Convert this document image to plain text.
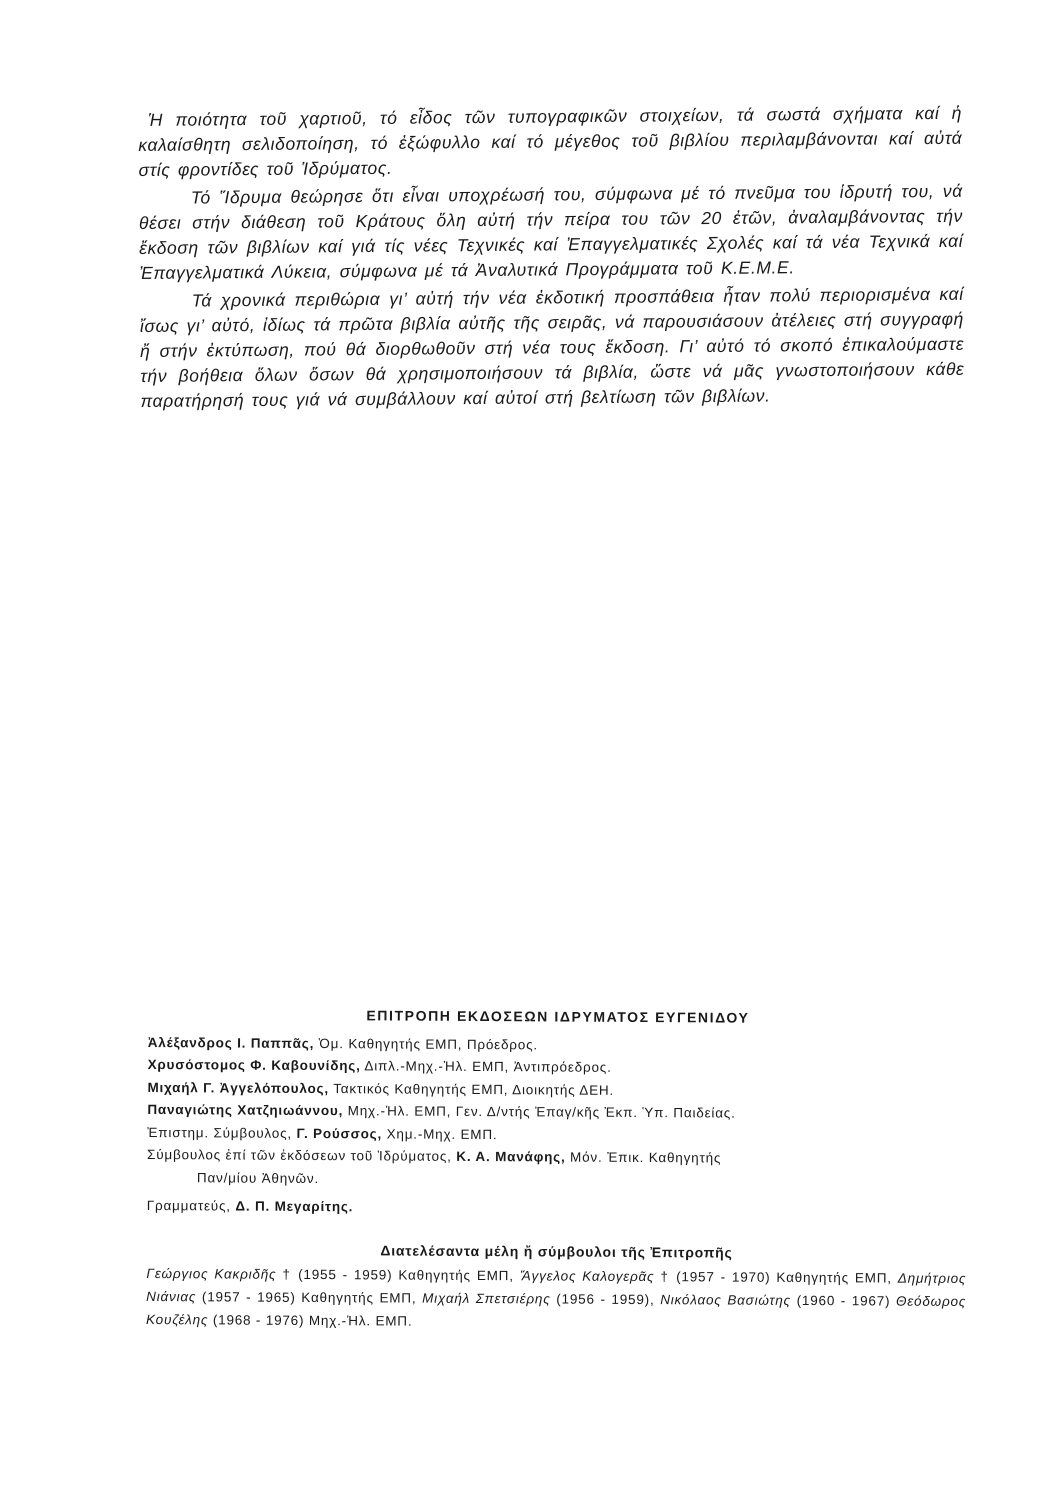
Ἡ ποιότητα τοῦ χαρτιοῦ, τό εἶδος τῶν τυπογραφικῶν στοιχείων, τά σωστά σχήματα καί ἡ καλαίσθητη σελιδοποίηση, τό ἐξώφυλλο καί τό μέγεθος τοῦ βιβλίου περιλαμβάνονται καί αὐτά στίς φροντίδες τοῦ Ἱδρύματος.

Τό Ἵδρυμα θεώρησε ὅτι εἶναι υποχρέωσή του, σύμφωνα μέ τό πνεῦμα του ἱδρυτή του, νά θέσει στήν διάθεση τοῦ Κράτους ὅλη αὐτή τήν πείρα του τῶν 20 ἐτῶν, ἀναλαμβάνοντας τήν ἔκδοση τῶν βιβλίων καί γιά τίς νέες Τεχνικές καί Ἐπαγγελματικές Σχολές καί τά νέα Τεχνικά καί Ἐπαγγελματικά Λύκεια, σύμφωνα μέ τά Ἀναλυτικά Προγράμματα τοῦ Κ.Ε.Μ.Ε.

Τά χρονικά περιθώρια γι’ αὐτή τήν νέα ἐκδοτική προσπάθεια ἦταν πολύ περιορισμένα καί ἴσως γι’ αὐτό, ἰδίως τά πρῶτα βιβλία αὐτῆς τῆς σειρᾶς, νά παρουσιάσουν ἀτέλειες στή συγγραφή ἤ στήν ἐκτύπωση, πού θά διορθωθοῦν στή νέα τους ἔκδοση. Γι’ αὐτό τό σκοπό ἐπικαλούμαστε τήν βοήθεια ὅλων ὅσων θά χρησιμοποιήσουν τά βιβλία, ὥστε νά μᾶς γνωστοποιήσουν κάθε παρατήρησή τους γιά νά συμβάλλουν καί αὐτοί στή βελτίωση τῶν βιβλίων.

ΕΠΙΤΡΟΠΗ ΕΚΔΟΣΕΩΝ ΙΔΡΥΜΑΤΟΣ ΕΥΓΕΝΙΔΟΥ

Ἀλέξανδρος Ι. Παππᾶς, Ὁμ. Καθηγητής ΕΜΠ, Πρόεδρος.

Χρυσόστομος Φ. Καβουνίδης, Διπλ.-Μηχ.-Ἠλ. ΕΜΠ, Ἀντιπρόεδρος.

Μιχαήλ Γ. Ἀγγελόπουλος, Τακτικός Καθηγητής ΕΜΠ, Διοικητής ΔΕΗ.

Παναγιώτης Χατζηιωάννου, Μηχ.-Ἠλ. ΕΜΠ, Γεν. Δ/ντής Ἐπαγ/κῆς Ἐκπ. Ὑπ. Παιδείας.

Ἐπιστημ. Σύμβουλος, Γ. Ρούσσος, Χημ.-Μηχ. ΕΜΠ.

Σύμβουλος ἐπί τῶν ἐκδόσεων τοῦ Ἱδρύματος, Κ. Α. Μανάφης, Μόν. Ἐπικ. Καθηγητής
Παν/μίου Ἀθηνῶν.

Γραμματεύς, Δ. Π. Μεγαρίτης.

Διατελέσαντα μέλη ἤ σύμβουλοι τῆς Ἐπιτροπῆς

Γεώργιος Κακριδῆς † (1955 - 1959) Καθηγητής ΕΜΠ, Ἄγγελος Καλογερᾶς † (1957 - 1970) Καθηγητής ΕΜΠ, Δημήτριος Νιάνιας (1957 - 1965) Καθηγητής ΕΜΠ, Μιχαήλ Σπετσιέρης (1956 - 1959), Νικόλαος Βασιώτης (1960 - 1967) Θεόδωρος Κουζέλης (1968 - 1976) Μηχ.-Ἠλ. ΕΜΠ.
